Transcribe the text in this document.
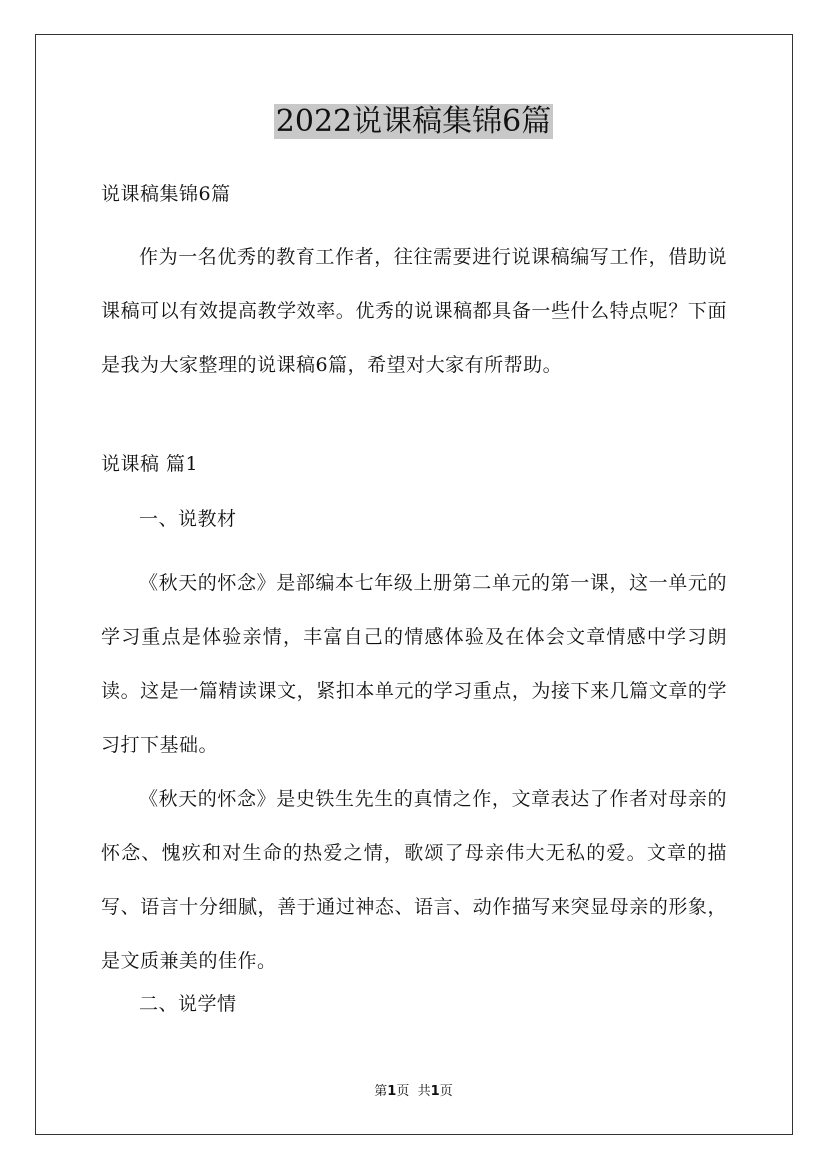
2022说课稿集锦6篇
说课稿集锦6篇
作为一名优秀的教育工作者，往往需要进行说课稿编写工作，借助说课稿可以有效提高教学效率。优秀的说课稿都具备一些什么特点呢？下面是我为大家整理的说课稿6篇，希望对大家有所帮助。
说课稿 篇1
一、说教材
《秋天的怀念》是部编本七年级上册第二单元的第一课，这一单元的学习重点是体验亲情，丰富自己的情感体验及在体会文章情感中学习朗读。这是一篇精读课文，紧扣本单元的学习重点，为接下来几篇文章的学习打下基础。
《秋天的怀念》是史铁生先生的真情之作，文章表达了作者对母亲的怀念、愧疚和对生命的热爱之情，歌颂了母亲伟大无私的爱。文章的描写、语言十分细腻，善于通过神态、语言、动作描写来突显母亲的形象，是文质兼美的佳作。
二、说学情
第1页 共1页
